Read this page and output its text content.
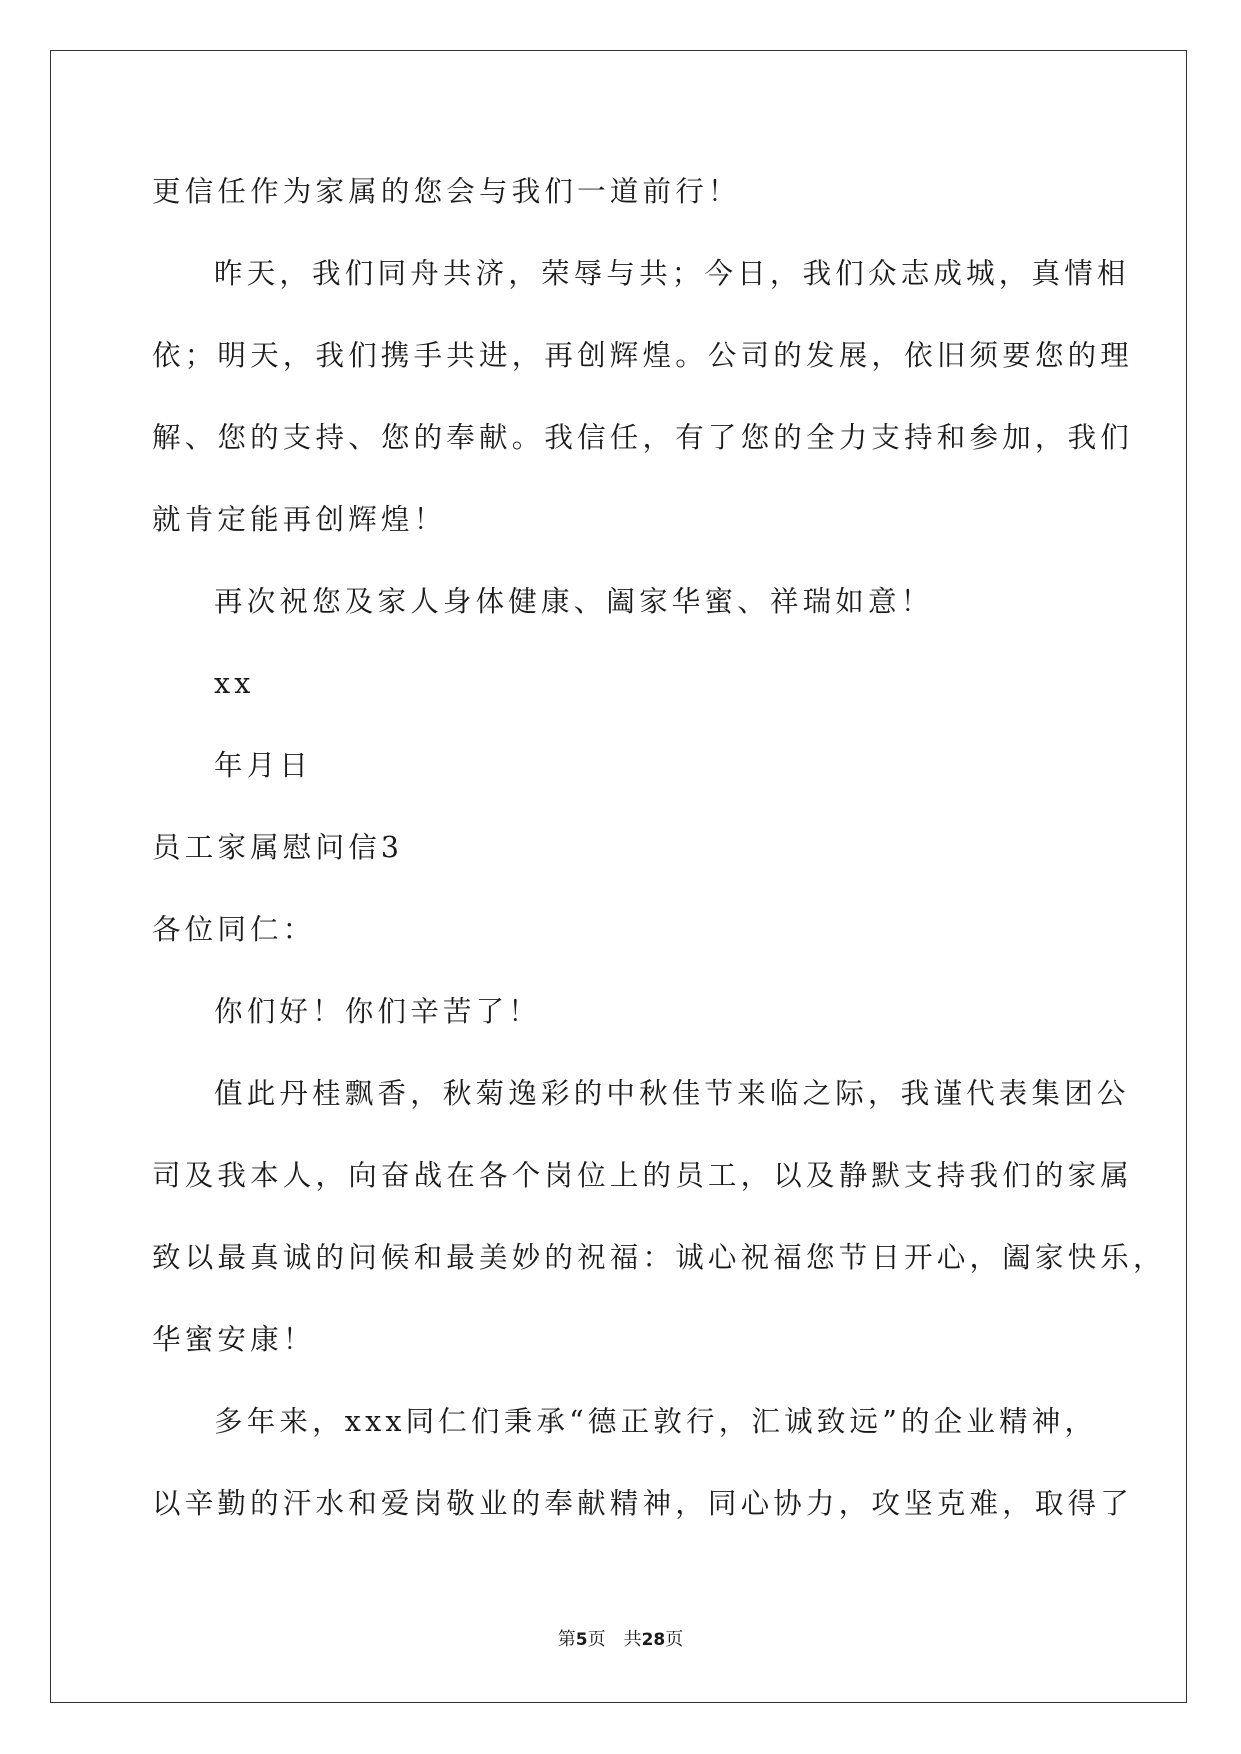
更信任作为家属的您会与我们一道前行！

昨天，我们同舟共济，荣辱与共；今日，我们众志成城，真情相

依；明天，我们携手共进，再创辉煌。公司的发展，依旧须要您的理

解、您的支持、您的奉献。我信任，有了您的全力支持和参加，我们

就肯定能再创辉煌！

再次祝您及家人身体健康、阖家华蜜、祥瑞如意！

xx

年月日

员工家属慰问信3

各位同仁：

你们好！你们辛苦了！

值此丹桂飘香，秋菊逸彩的中秋佳节来临之际，我谨代表集团公

司及我本人，向奋战在各个岗位上的员工，以及静默支持我们的家属

致以最真诚的问候和最美妙的祝福：诚心祝福您节日开心，阖家快乐，

华蜜安康！

多年来，xxx同仁们秉承“德正敦行，汇诚致远”的企业精神，

以辛勤的汗水和爱岗敬业的奉献精神，同心协力，攻坚克难，取得了

第5页　共28页
